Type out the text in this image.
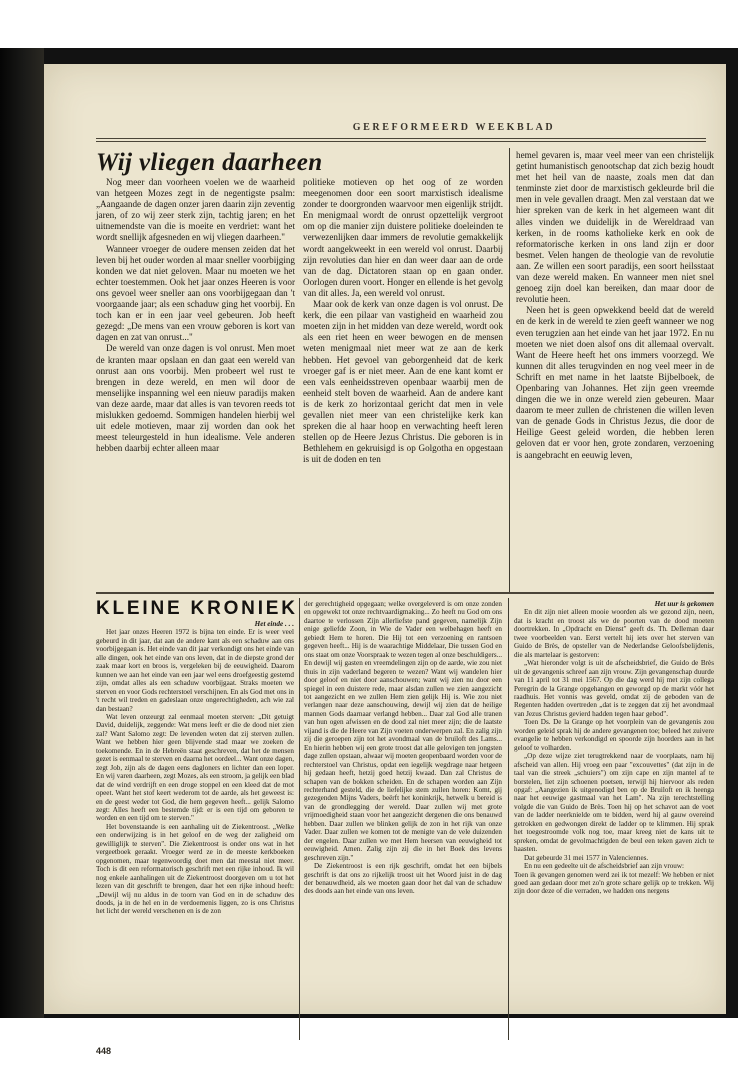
GEREFORMEERD WEEKBLAD
Wij vliegen daarheen

Nog meer dan voorheen voelen we de waarheid van hetgeen Mozes zegt in de negentigste psalm: „Aangaande de dagen onzer jaren daarin zijn zeventig jaren, of zo wij zeer sterk zijn, tachtig jaren; en het uitnemendste van die is moeite en verdriet: want het wordt snellijk afgesneden en wij vliegen daarheen."

Wanneer vroeger de oudere mensen zeiden dat het leven bij het ouder worden al maar sneller voorbijging konden we dat niet geloven. Maar nu moeten we het echter toestemmen. Ook het jaar onzes Heeren is voor ons gevoel weer sneller aan ons voorbijgegaan dan 't voorgaande jaar; als een schaduw ging het voorbij. En toch kan er in een jaar veel gebeuren. Job heeft gezegd: „De mens van een vrouw geboren is kort van dagen en zat van onrust..."

De wereld van onze dagen is vol onrust. Men moet de kranten maar opslaan en dan gaat een wereld van onrust aan ons voorbij. Men probeert wel rust te brengen in deze wereld, en men wil door de menselijke inspanning wel een nieuw paradijs maken van deze aarde, maar dat alles is van tevoren reeds tot mislukken gedoemd. Sommigen handelen hierbij wel uit edele motieven, maar zij worden dan ook het meest teleurgesteld in hun idealisme. Vele anderen hebben daarbij echter alleen maar

politieke motieven op het oog of ze worden meegenomen door een soort marxistisch idealisme zonder te doorgronden waarvoor men eigenlijk strijdt. En menigmaal wordt de onrust opzettelijk vergroot om op die manier zijn duistere politieke doeleinden te verwezenlijken daar immers de revolutie gemakkelijk wordt aangekweekt in een wereld vol onrust. Daarbij zijn revoluties dan hier en dan weer daar aan de orde van de dag. Dictatoren staan op en gaan onder. Oorlogen duren voort. Honger en ellende is het gevolg van dit alles. Ja, een wereld vol onrust.

Maar ook de kerk van onze dagen is vol onrust. De kerk, die een pilaar van vastigheid en waarheid zou moeten zijn in het midden van deze wereld, wordt ook als een riet heen en weer bewogen en de mensen weten menigmaal niet meer wat ze aan de kerk hebben. Het gevoel van geborgenheid dat de kerk vroeger gaf is er niet meer. Aan de ene kant komt er een vals eenheidsstreven openbaar waarbij men de eenheid stelt boven de waarheid. Aan de andere kant is de kerk zo horizontaal gericht dat men in vele gevallen niet meer van een christelijke kerk kan spreken die al haar hoop en verwachting heeft leren stellen op de Heere Jezus Christus. Die geboren is in Bethlehem en gekruisigd is op Golgotha en opgestaan is uit de doden en ten

hemel gevaren is, maar veel meer van een christelijk getint humanistisch genootschap dat zich bezig houdt met het heil van de naaste, zoals men dat dan tenminste ziet door de marxistisch gekleurde bril die men in vele gevallen draagt. Men zal verstaan dat we hier spreken van de kerk in het algemeen want dit alles vinden we duidelijk in de Wereldraad van kerken, in de rooms katholieke kerk en ook de reformatorische kerken in ons land zijn er door besmet. Velen hangen de theologie van de revolutie aan. Ze willen een soort paradijs, een soort heilsstaat van deze wereld maken. En wanneer men niet snel genoeg zijn doel kan bereiken, dan maar door de revolutie heen.

Neen het is geen opwekkend beeld dat de wereld en de kerk in de wereld te zien geeft wanneer we nog even terugzien aan het einde van het jaar 1972. En nu moeten we niet doen alsof ons dit allemaal overvalt. Want de Heere heeft het ons immers voorzegd. We kunnen dit alles terugvinden en nog veel meer in de Schrift en met name in het laatste Bijbelboek, de Openbaring van Johannes. Het zijn geen vreemde dingen die we in onze wereld zien gebeuren. Maar daarom te meer zullen de christenen die willen leven van de genade Gods in Christus Jezus, die door de Heilige Geest geleid worden, die hebben leren geloven dat er voor hen, grote zondaren, verzoening is aangebracht en eeuwig leven,

KLEINE KRONIEK

Het einde . . .

Het jaar onzes Heeren 1972 is bijna ten einde. Er is weer veel gebeurd in dit jaar, dat aan de andere kant als een schaduw aan ons voorbijgegaan is. Het einde van dit jaar verkondigt ons het einde van alle dingen, ook het einde van ons leven, dat in de diepste grond der zaak maar kort en broos is, vergeleken bij de eeuwigheid. Daarom kunnen we aan het einde van een jaar wel eens droefgeestig gestemd zijn, omdat alles als een schaduw voorbijgaat. Straks moeten we sterven en voor Gods rechterstoel verschijnen. En als God met ons in 't recht wil treden en gadeslaan onze ongerechtigheden, ach wie zal dan bestaan?

Wat leven onzeurgt zal eenmaal moeten sterven: „Dit getuigt David, duidelijk, zeggende: Wat mens leeft er die de dood niet zien zal? Want Salomo zegt: De levenden weten dat zij sterven zullen. Want we hebben hier geen blijvende stad maar we zoeken de toekomende. En in de Hebreën staat geschreven, dat het de mensen gezet is eenmaal te sterven en daarna het oordeel... Want onze dagen, zegt Job, zijn als de dagen eens dagloners en lichter dan een loper. En wij varen daarheen, zegt Mozes, als een stroom, ja gelijk een blad dat de wind verdrijft en een droge stoppel en een kleed dat de mot opeet. Want het stof keert wederom tot de aarde, als het geweest is: en de geest weder tot God, die hem gegeven heeft... gelijk Salomo zegt: Alles heeft een bestemde tijd: er is een tijd om geboren te worden en een tijd om te sterven."

Het bovenstaande is een aanhaling uit de Ziekentroost. „Welke een onderwijzing is in het geloof en de weg der zaligheid om gewilliglijk te sterven". Die Ziekentroost is onder ons wat in het vergeetboek geraakt. Vroeger werd ze in de meeste kerkboeken opgenomen, maar tegenwoordig doet men dat meestal niet meer. Toch is dit een reformatorisch geschrift met een rijke inhoud. Ik wil nog enkele aanhalingen uit de Ziekentroost doorgeven om u tot het lezen van dit geschrift te brengen, daar het een rijke inhoud heeft: „Dewijl wij nu aldus in de toorn van God en in de schaduw des doods, ja in de hel en in de verdoemenis liggen, zo is ons Christus het licht der wereld verschenen en is de zon

der gerechtigheid opgegaan; welke overgeleverd is om onze zonden en opgewekt tot onze rechtvaardigmaking... Zo heeft nu God om ons daartoe te verlossen Zijn allerliefste pand gegeven, namelijk Zijn enige geliefde Zoon, in Wie de Vader een welbehagen heeft en gebiedt Hem te horen. Die Hij tot een verzoening en rantsoen gegeven heeft... Hij is de waarachtige Middelaar, Die tussen God en ons staat om onze Voorspraak te wezen tegen al onze beschuldigers... En dewijl wij gasten en vreemdelingen zijn op de aarde, wie zou niet thuis in zijn vaderland begeren te wezen? Want wij wandelen hier door geloof en niet door aanschouwen; want wij zien nu door een spiegel in een duistere rede, maar alsdan zullen we zien aangezicht tot aangezicht en we zullen Hem zien gelijk Hij is. Wie zou niet verlangen naar deze aanschouwing, dewijl wij zien dat de heilige mannen Gods daarnaar verlangd hebben... Daar zal God alle tranen van hun ogen afwissen en de dood zal niet meer zijn; die de laatste vijand is die de Heere van Zijn voeten onderwerpen zal. En zalig zijn zij die geroepen zijn tot het avondmaal van de bruiloft des Lams... En hierin hebben wij een grote troost dat alle gelovigen ten jongsten dage zullen opstaan, alwaar wij moeten geopenbaard worden voor de rechterstoel van Christus, opdat een iegelijk wegdrage naar hetgeen hij gedaan heeft, hetzij goed hetzij kwaad. Dan zal Christus de schapen van de bokken scheiden. En de schapen worden aan Zijn rechterhand gesteld, die de liefelijke stem zullen horen: Komt, gij gezegenden Mijns Vaders, beërft het koninkrijk, hetwelk u bereid is van de grondlegging der wereld. Daar zullen wij met grote vrijmoedigheid staan voor het aangezicht dergenen die ons benauwd hebben. Daar zullen we blinken gelijk de zon in het rijk van onze Vader. Daar zullen we komen tot de menigte van de vele duizenden der engelen. Daar zullen we met Hem heersen van eeuwigheid tot eeuwigheid. Amen. Zalig zijn zij die in het Boek des levens geschreven zijn."

De Ziekentroost is een rijk geschrift, omdat het een bijbels geschrift is dat ons zo rijkelijk troost uit het Woord juist in de dag der benauwdheid, als we moeten gaan door het dal van de schaduw des doods aan het einde van ons leven.

Het uur is gekomen

En dit zijn niet alleen mooie woorden als we gezond zijn, neen, dat is kracht en troost als we de poorten van de dood moeten doortrekken. In „Opdracht en Dienst" geeft ds. Th. Delleman daar twee voorbeelden van. Eerst vertelt hij iets over het sterven van Guido de Brès, de opsteller van de Nederlandse Geloofsbelijdenis, die als martelaar is gestorven:

„Wat hieronder volgt is uit de afscheidsbrief, die Guido de Brès uit de gevangenis schreef aan zijn vrouw. Zijn gevangenschap duurde van 11 april tot 31 mei 1567. Op die dag werd hij met zijn collega Peregrin de la Grange opgehangen en geworgd op de markt vóór het raadhuis. Het vonnis was geveld, omdat zij de geboden van de Regenten hadden overtreden „dat is te zeggen dat zij het avondmaal van Jezus Christus gevierd hadden tegen haar gebod".

Toen Ds. De la Grange op het voorplein van de gevangenis zou worden geleid sprak hij de andere gevangenen toe; beleed het zuivere evangelie te hebben verkondigd en spoorde zijn hoorders aan in het geloof te volharden.

„Op deze wijze ziet terugtrekkend naar de voorplaats, nam hij afscheid van allen. Hij vroeg een paar "excouvettes" (dat zijn in de taal van die streek „schuiers") om zijn cape en zijn mantel af te borstelen, liet zijn schoenen poetsen, terwijl hij hiervoor als reden opgaf: „Aangezien ik uitgenodigd ben op de Bruiloft en ik heenga naar het eeuwige gastmaal van het Lam". Na zijn terechtstelling volgde die van Guido de Brès. Toen hij op het schavot aan de voet van de ladder neerknielde om te bidden, werd hij al gauw overeind getrokken en gedwongen direkt de ladder op te klimmen. Hij sprak het toegestroomde volk nog toe, maar kreeg niet de kans uit te spreken, omdat de gevolmachtigden de beul een teken gaven zich te haasten.

Dat gebeurde 31 mei 1577 in Valenciennes.

En nu een gedeelte uit de afscheidsbrief aan zijn vrouw:

Toen ik gevangen genomen werd zei ik tot mezelf: We hebben er niet goed aan gedaan door met zo'n grote schare gelijk op te trekken. Wij zijn door deze of die verraden, we hadden ons nergens

448
